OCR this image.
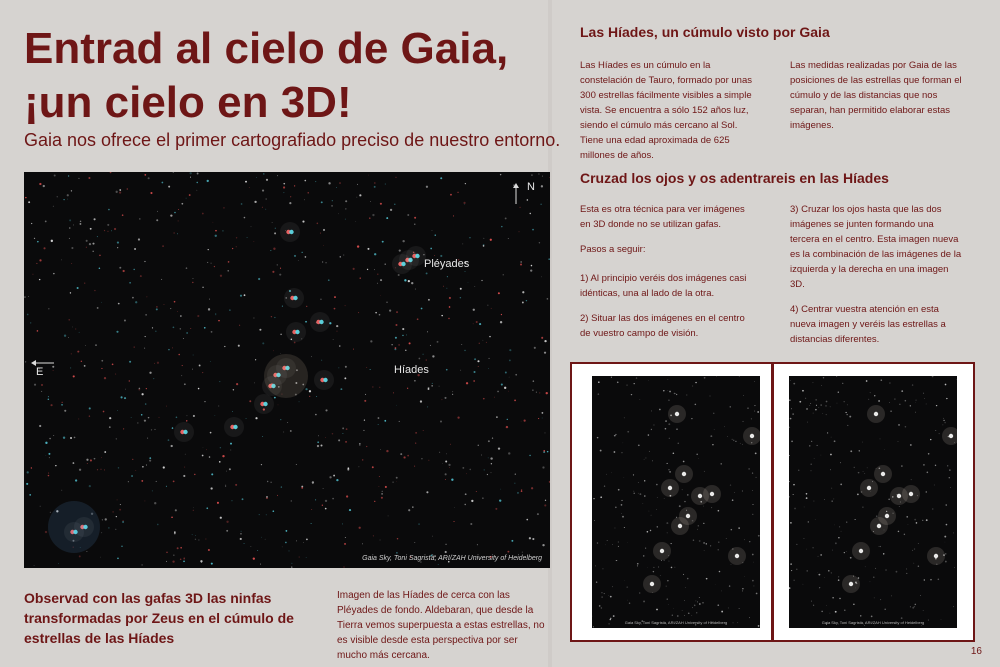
Entrad al cielo de Gaia,
¡un cielo en 3D!

Gaia nos ofrece el primer cartografiado preciso de nuestro entorno.

Pléyades
Híades
N
E
Gaia Sky, Toni Sagristà, ARI/ZAH University of Heidelberg

Observad con las gafas 3D las ninfas transformadas por Zeus en el cúmulo de estrellas de las Híades

Imagen de las Híades de cerca con las Pléyades de fondo. Aldebaran, que desde la Tierra vemos superpuesta a estas estrellas, no es visible desde esta perspectiva por ser mucho más cercana.

Las Híades, un cúmulo visto por Gaia

Las Híades es un cúmulo en la constelación de Tauro, formado por unas 300 estrellas fácilmente visibles a simple vista. Se encuentra a sólo 152 años luz, siendo el cúmulo más cercano al Sol. Tiene una edad aproximada de 625 millones de años.

Las medidas realizadas por Gaia de las posiciones de las estrellas que forman el cúmulo y de las distancias que nos separan, han permitido elaborar estas imágenes.

Cruzad los ojos y os adentrareis en las Híades

Esta es otra técnica para ver imágenes en 3D donde no se utilizan gafas.

Pasos a seguir:

1) Al principio veréis dos imágenes casi idénticas, una al lado de la otra.

2) Situar las dos imágenes en el centro de vuestro campo de visión.

3) Cruzar los ojos hasta que las dos imágenes se junten formando una tercera en el centro. Esta imagen nueva es la combinación de las imágenes de la izquierda y la derecha en una imagen 3D.

4) Centrar vuestra atención en esta nueva imagen y veréis las estrellas a distancias diferentes.

Gaia Sky, Toni Sagristà, ARI/ZAH University of Heidelberg	Gaia Sky, Toni Sagristà, ARI/ZAH University of Heidelberg
16
